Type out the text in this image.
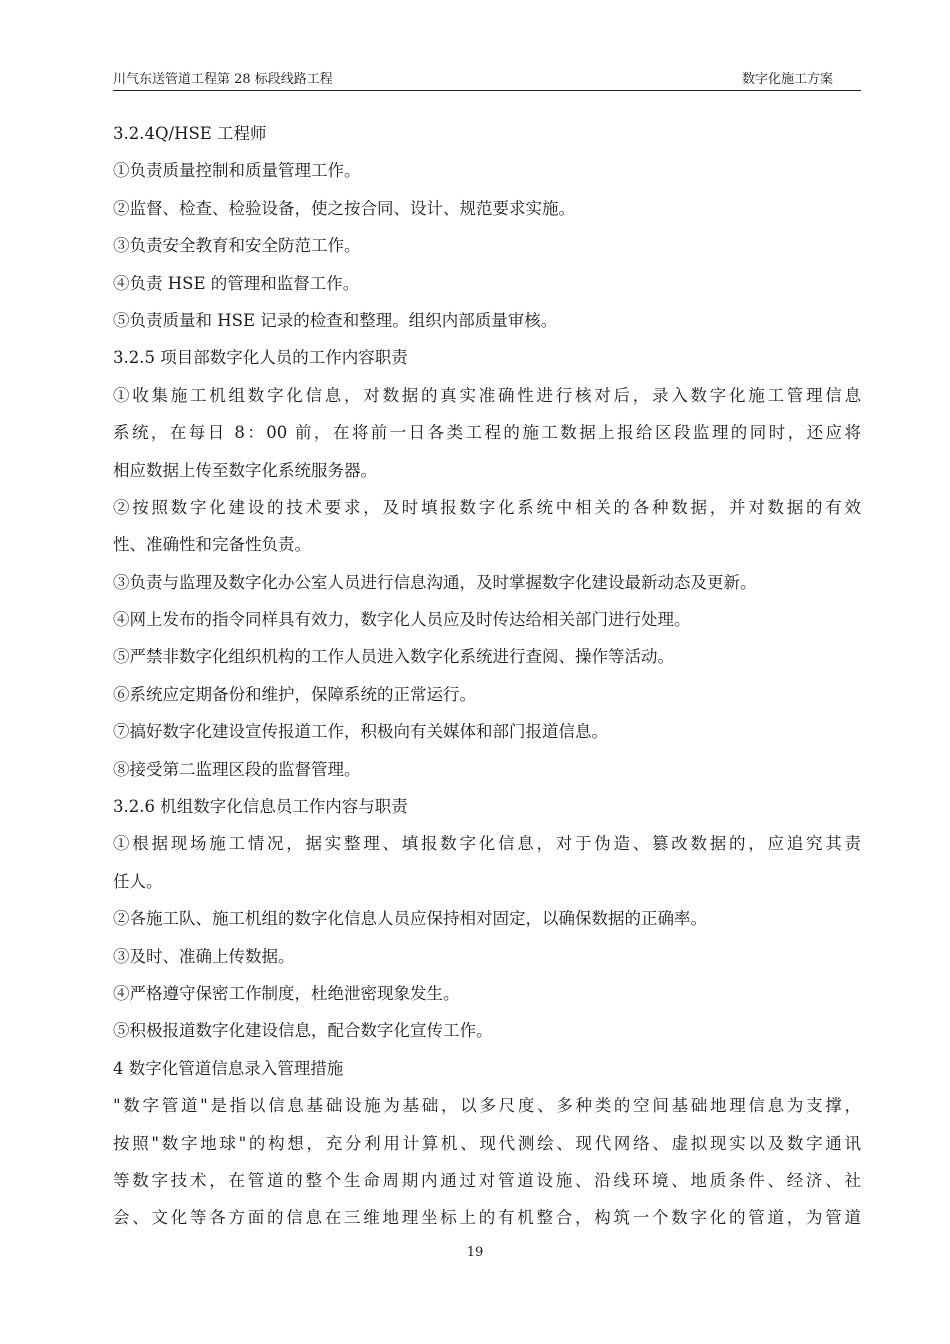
川气东送管道工程第 28 标段线路工程	数字化施工方案
3.2.4Q/HSE 工程师
①负责质量控制和质量管理工作。
②监督、检查、检验设备，使之按合同、设计、规范要求实施。
③负责安全教育和安全防范工作。
④负责 HSE 的管理和监督工作。
⑤负责质量和 HSE 记录的检查和整理。组织内部质量审核。
3.2.5 项目部数字化人员的工作内容职责
①收集施工机组数字化信息，对数据的真实准确性进行核对后，录入数字化施工管理信息
系统，在每日 8：00 前，在将前一日各类工程的施工数据上报给区段监理的同时，还应将
相应数据上传至数字化系统服务器。
②按照数字化建设的技术要求，及时填报数字化系统中相关的各种数据，并对数据的有效
性、准确性和完备性负责。
③负责与监理及数字化办公室人员进行信息沟通，及时掌握数字化建设最新动态及更新。
④网上发布的指令同样具有效力，数字化人员应及时传达给相关部门进行处理。
⑤严禁非数字化组织机构的工作人员进入数字化系统进行查阅、操作等活动。
⑥系统应定期备份和维护，保障系统的正常运行。
⑦搞好数字化建设宣传报道工作，积极向有关媒体和部门报道信息。
⑧接受第二监理区段的监督管理。
3.2.6 机组数字化信息员工作内容与职责
①根据现场施工情况，据实整理、填报数字化信息，对于伪造、篡改数据的，应追究其责
任人。
②各施工队、施工机组的数字化信息人员应保持相对固定，以确保数据的正确率。
③及时、准确上传数据。
④严格遵守保密工作制度，杜绝泄密现象发生。
⑤积极报道数字化建设信息，配合数字化宣传工作。
4 数字化管道信息录入管理措施
"数字管道"是指以信息基础设施为基础，以多尺度、多种类的空间基础地理信息为支撑，
按照"数字地球"的构想，充分利用计算机、现代测绘、现代网络、虚拟现实以及数字通讯
等数字技术，在管道的整个生命周期内通过对管道设施、沿线环境、地质条件、经济、社
会、文化等各方面的信息在三维地理坐标上的有机整合，构筑一个数字化的管道，为管道
19
